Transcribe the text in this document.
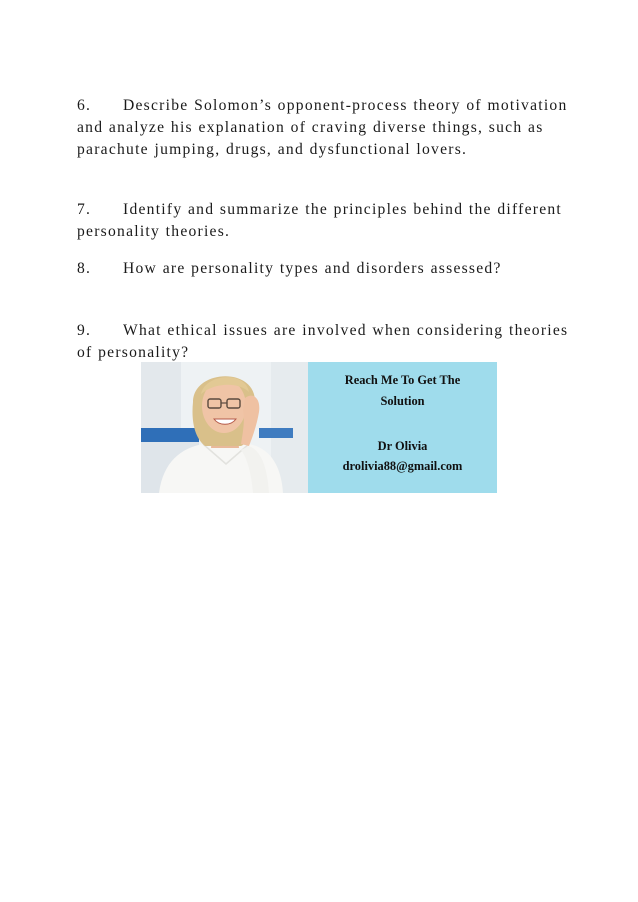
6. Describe Solomon’s opponent-process theory of motivation and analyze his explanation of craving diverse things, such as parachute jumping, drugs, and dysfunctional lovers.

7. Identify and summarize the principles behind the different personality theories.

8. How are personality types and disorders assessed?

9. What ethical issues are involved when considering theories of personality?

Reach Me To Get The
Solution
Dr Olivia
drolivia88@gmail.com
